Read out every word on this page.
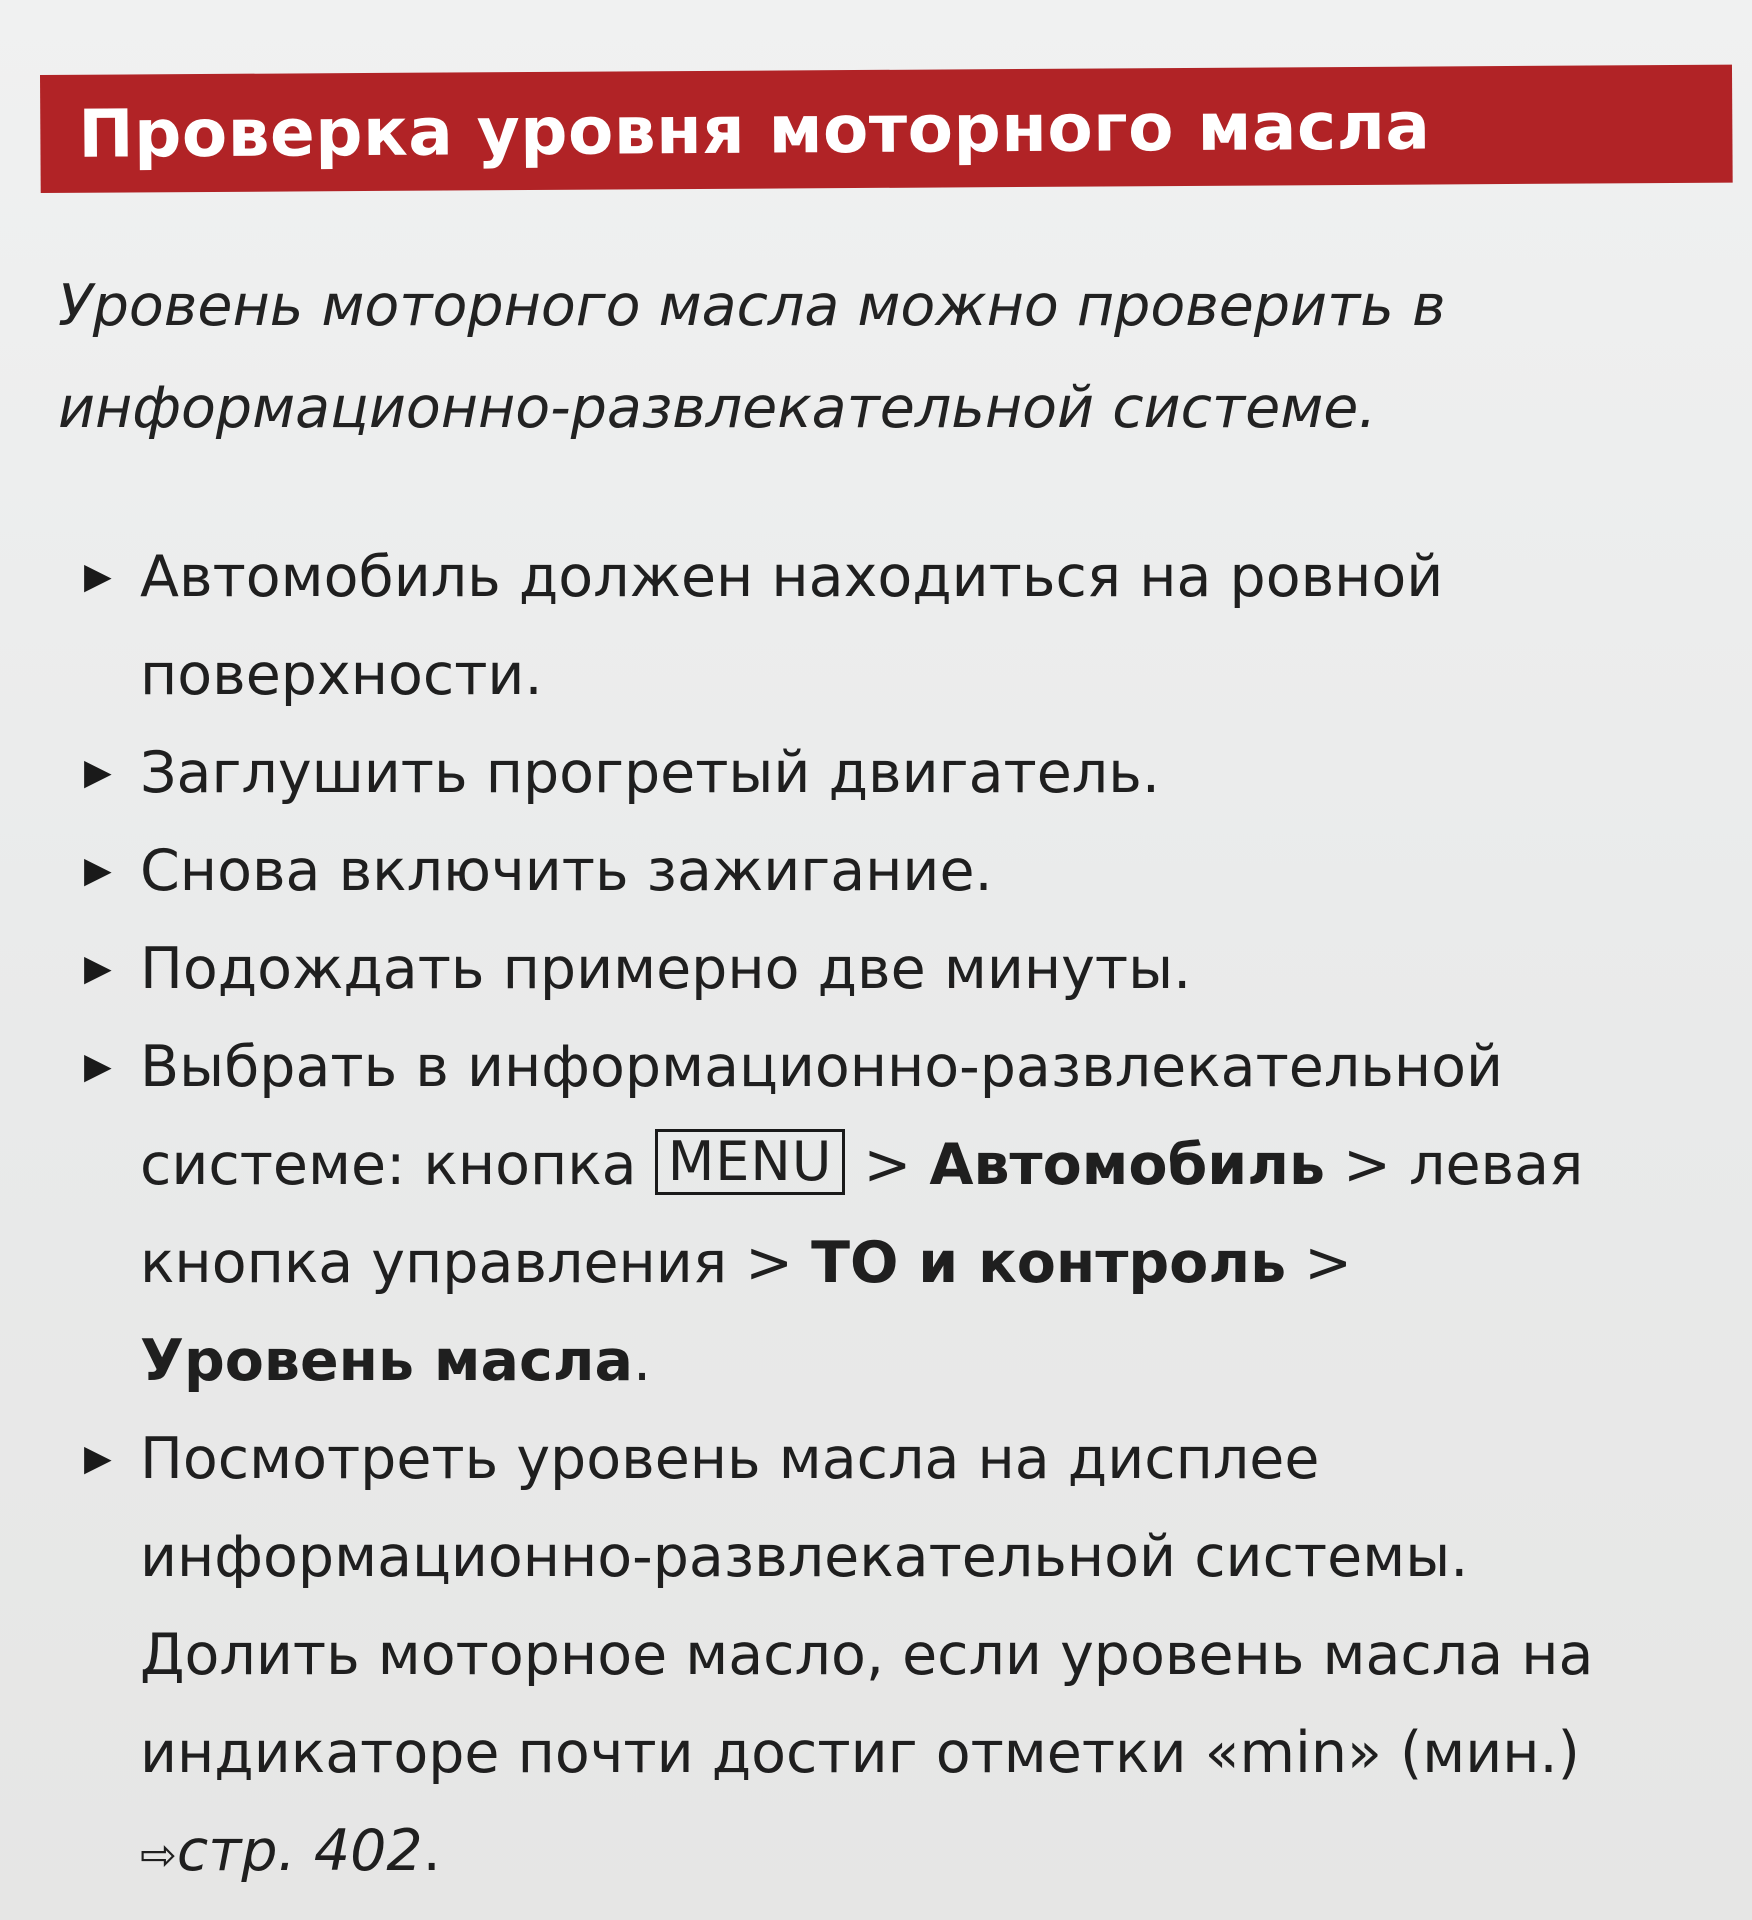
Проверка уровня моторного масла
Уровень моторного масла можно проверить в
информационно-развлекательной системе.
▶ Автомобиль должен находиться на ровной поверхности.
▶ Заглушить прогретый двигатель.
▶ Снова включить зажигание.
▶ Подождать примерно две минуты.
▶ Выбрать в информационно-развлекательной системе: кнопка MENU > Автомобиль > левая кнопка управления > ТО и контроль > Уровень масла.
▶ Посмотреть уровень масла на дисплее информационно-развлекательной системы. Долить моторное масло, если уровень масла на индикаторе почти достиг отметки «min» (мин.) ⇨стр. 402.
